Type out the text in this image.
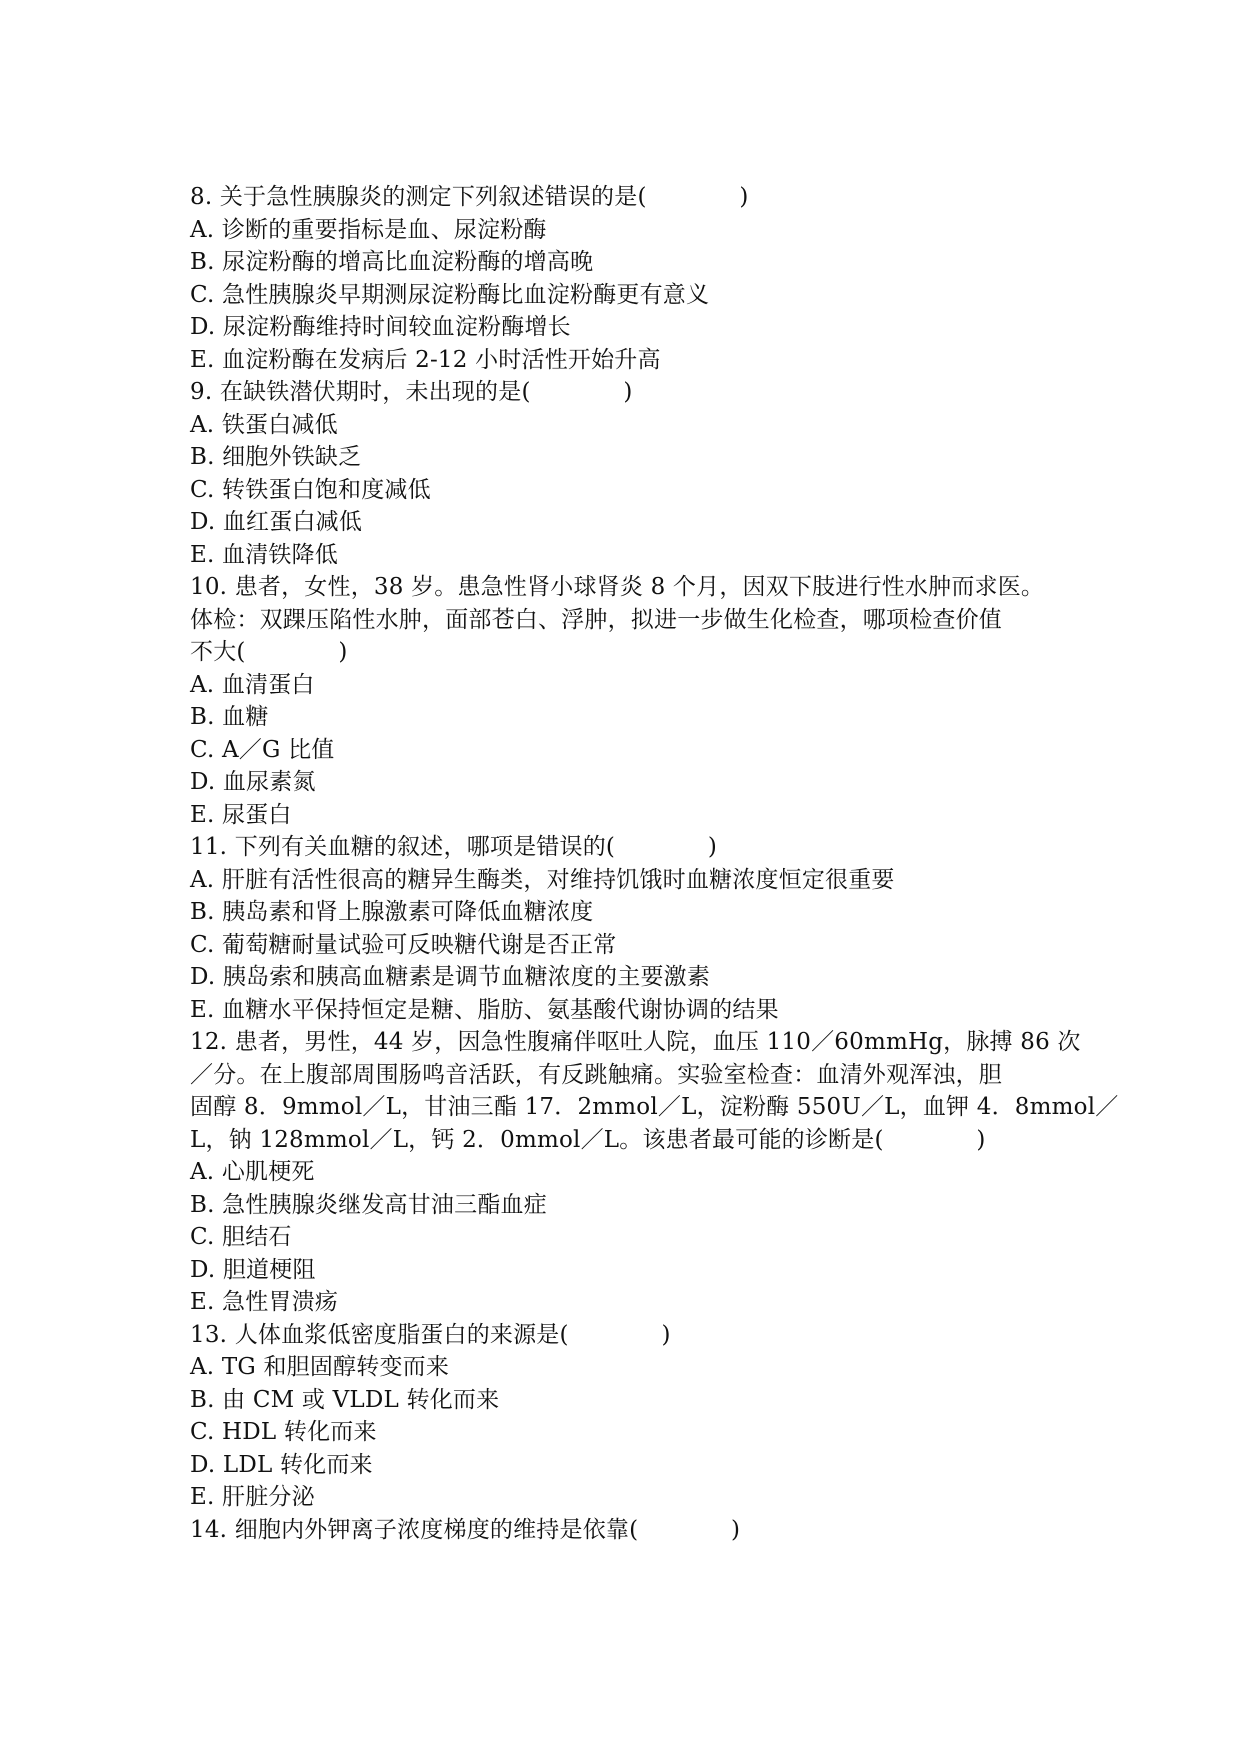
8. 关于急性胰腺炎的测定下列叙述错误的是(　　　　)
A. 诊断的重要指标是血、尿淀粉酶
B. 尿淀粉酶的增高比血淀粉酶的增高晚
C. 急性胰腺炎早期测尿淀粉酶比血淀粉酶更有意义
D. 尿淀粉酶维持时间较血淀粉酶增长
E. 血淀粉酶在发病后 2-12 小时活性开始升高
9. 在缺铁潜伏期时，未出现的是(　　　　)
A. 铁蛋白减低
B. 细胞外铁缺乏
C. 转铁蛋白饱和度减低
D. 血红蛋白减低
E. 血清铁降低
10. 患者，女性，38 岁。患急性肾小球肾炎 8 个月，因双下肢进行性水肿而求医。
体检：双踝压陷性水肿，面部苍白、浮肿，拟进一步做生化检查，哪项检查价值
不大(　　　　)
A. 血清蛋白
B. 血糖
C. A／G 比值
D. 血尿素氮
E. 尿蛋白
11. 下列有关血糖的叙述，哪项是错误的(　　　　)
A. 肝脏有活性很高的糖异生酶类，对维持饥饿时血糖浓度恒定很重要
B. 胰岛素和肾上腺激素可降低血糖浓度
C. 葡萄糖耐量试验可反映糖代谢是否正常
D. 胰岛索和胰高血糖素是调节血糖浓度的主要激素
E. 血糖水平保持恒定是糖、脂肪、氨基酸代谢协调的结果
12. 患者，男性，44 岁，因急性腹痛伴呕吐人院，血压 110／60mmHg，脉搏 86 次
／分。在上腹部周围肠鸣音活跃，有反跳触痛。实验室检查：血清外观浑浊，胆
固醇 8．9mmol／L，甘油三酯 17．2mmol／L，淀粉酶 550U／L，血钾 4．8mmol／
L，钠 128mmol／L，钙 2．0mmol／L。该患者最可能的诊断是(　　　　)
A. 心肌梗死
B. 急性胰腺炎继发高甘油三酯血症
C. 胆结石
D. 胆道梗阻
E. 急性胃溃疡
13. 人体血浆低密度脂蛋白的来源是(　　　　)
A. TG 和胆固醇转变而来
B. 由 CM 或 VLDL 转化而来
C. HDL 转化而来
D. LDL 转化而来
E. 肝脏分泌
14. 细胞内外钾离子浓度梯度的维持是依靠(　　　　)
